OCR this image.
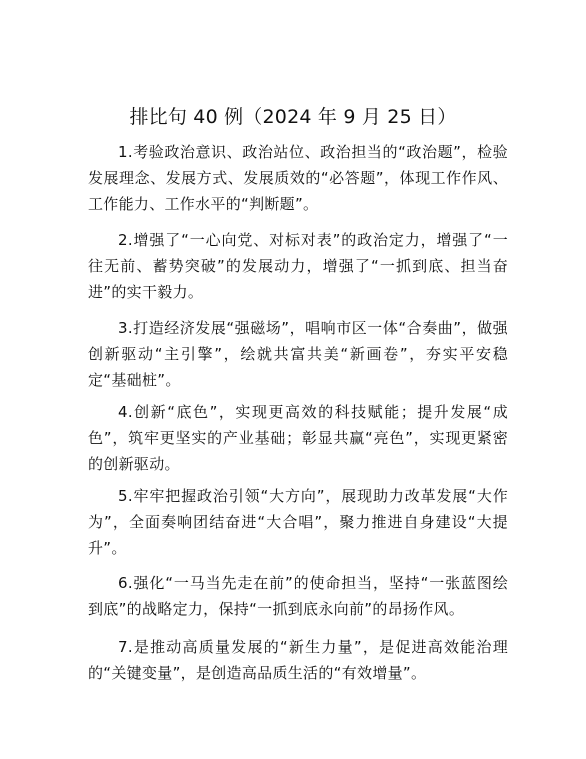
排比句 40 例（2024 年 9 月 25 日）

1.考验政治意识、政治站位、政治担当的“政治题”，检验发展理念、发展方式、发展质效的“必答题”，体现工作作风、工作能力、工作水平的“判断题”。

2.增强了“一心向党、对标对表”的政治定力，增强了“一往无前、蓄势突破”的发展动力，增强了“一抓到底、担当奋进”的实干毅力。

3.打造经济发展“强磁场”，唱响市区一体“合奏曲”，做强创新驱动“主引擎”，绘就共富共美“新画卷”，夯实平安稳定“基础桩”。

4.创新“底色”，实现更高效的科技赋能；提升发展“成色”，筑牢更坚实的产业基础；彰显共赢“亮色”，实现更紧密的创新驱动。

5.牢牢把握政治引领“大方向”，展现助力改革发展“大作为”，全面奏响团结奋进“大合唱”，聚力推进自身建设“大提升”。

6.强化“一马当先走在前”的使命担当，坚持“一张蓝图绘到底”的战略定力，保持“一抓到底永向前”的昂扬作风。

7.是推动高质量发展的“新生力量”，是促进高效能治理的“关键变量”，是创造高品质生活的“有效增量”。
